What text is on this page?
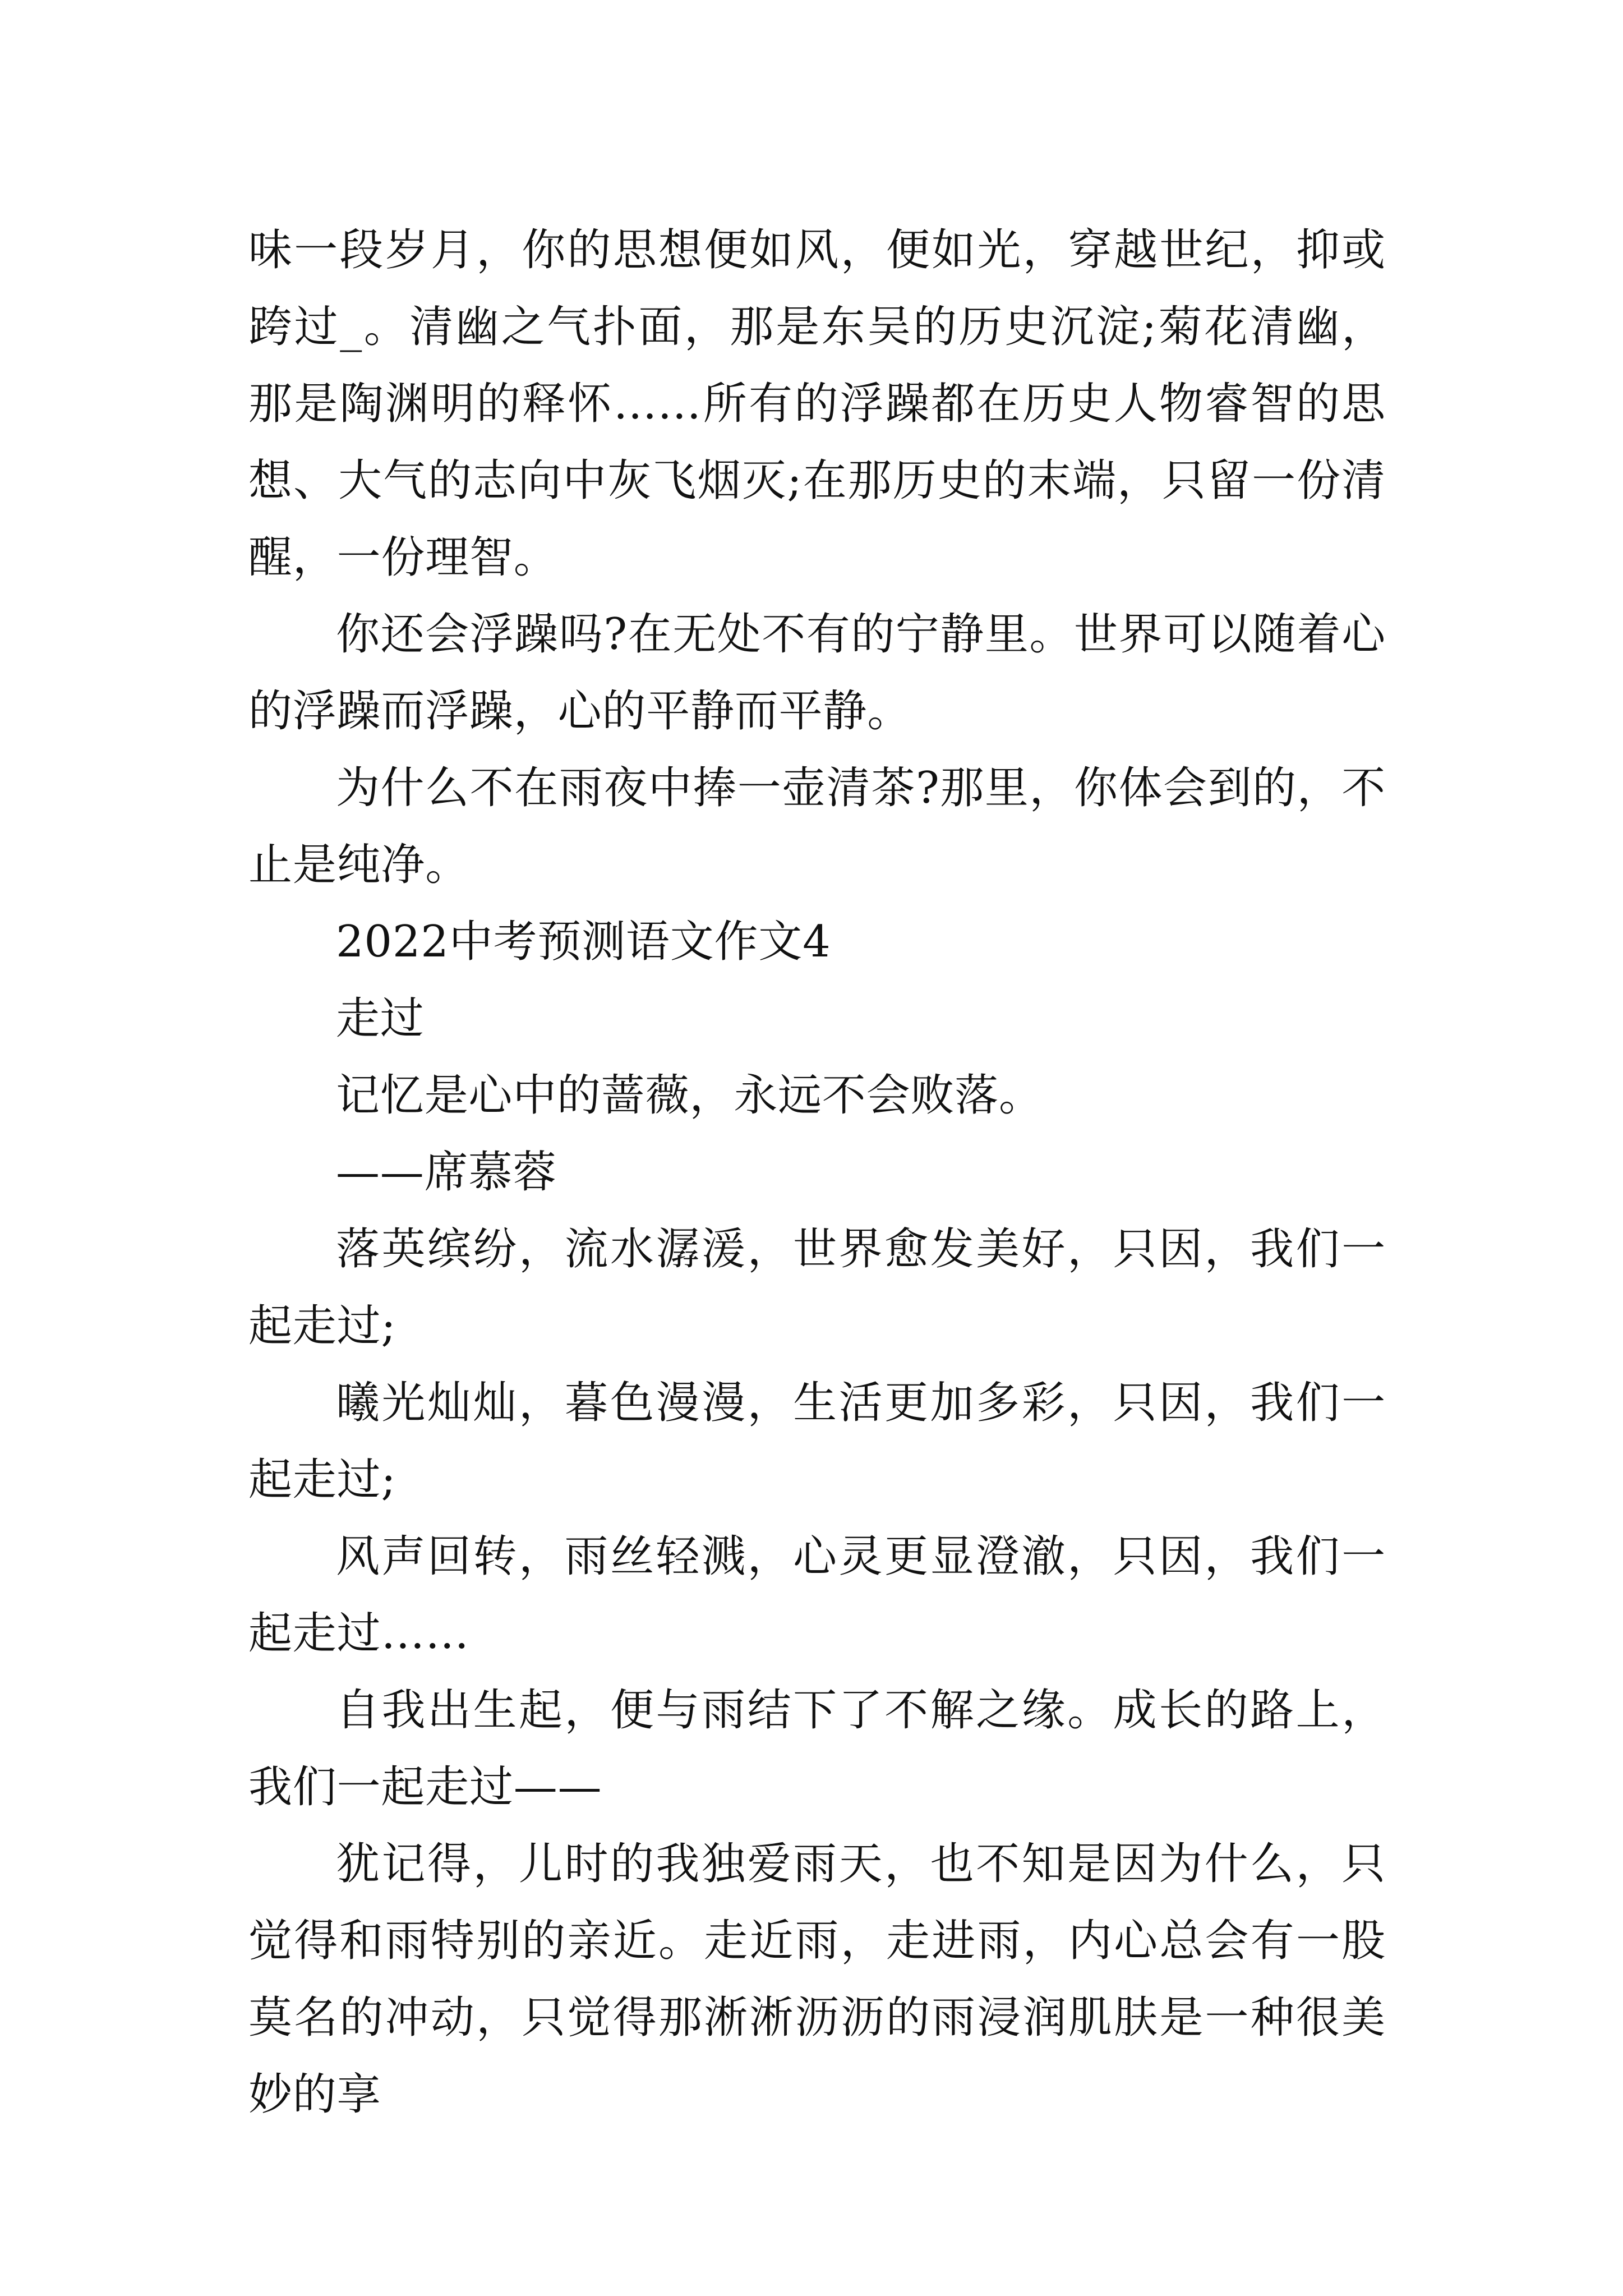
味一段岁月，你的思想便如风，便如光，穿越世纪，抑或跨过_。清幽之气扑面，那是东吴的历史沉淀;菊花清幽，那是陶渊明的释怀……所有的浮躁都在历史人物睿智的思想、大气的志向中灰飞烟灭;在那历史的末端，只留一份清醒，一份理智。

你还会浮躁吗?在无处不有的宁静里。世界可以随着心的浮躁而浮躁，心的平静而平静。

为什么不在雨夜中捧一壶清茶?那里，你体会到的，不止是纯净。

2022中考预测语文作文4

走过

记忆是心中的蔷薇，永远不会败落。

——席慕蓉

落英缤纷，流水潺湲，世界愈发美好，只因，我们一起走过;

曦光灿灿，暮色漫漫，生活更加多彩，只因，我们一起走过;

风声回转，雨丝轻溅，心灵更显澄澈，只因，我们一起走过……

自我出生起，便与雨结下了不解之缘。成长的路上，我们一起走过——

犹记得，儿时的我独爱雨天，也不知是因为什么，只觉得和雨特别的亲近。走近雨，走进雨，内心总会有一股莫名的冲动，只觉得那淅淅沥沥的雨浸润肌肤是一种很美妙的享
